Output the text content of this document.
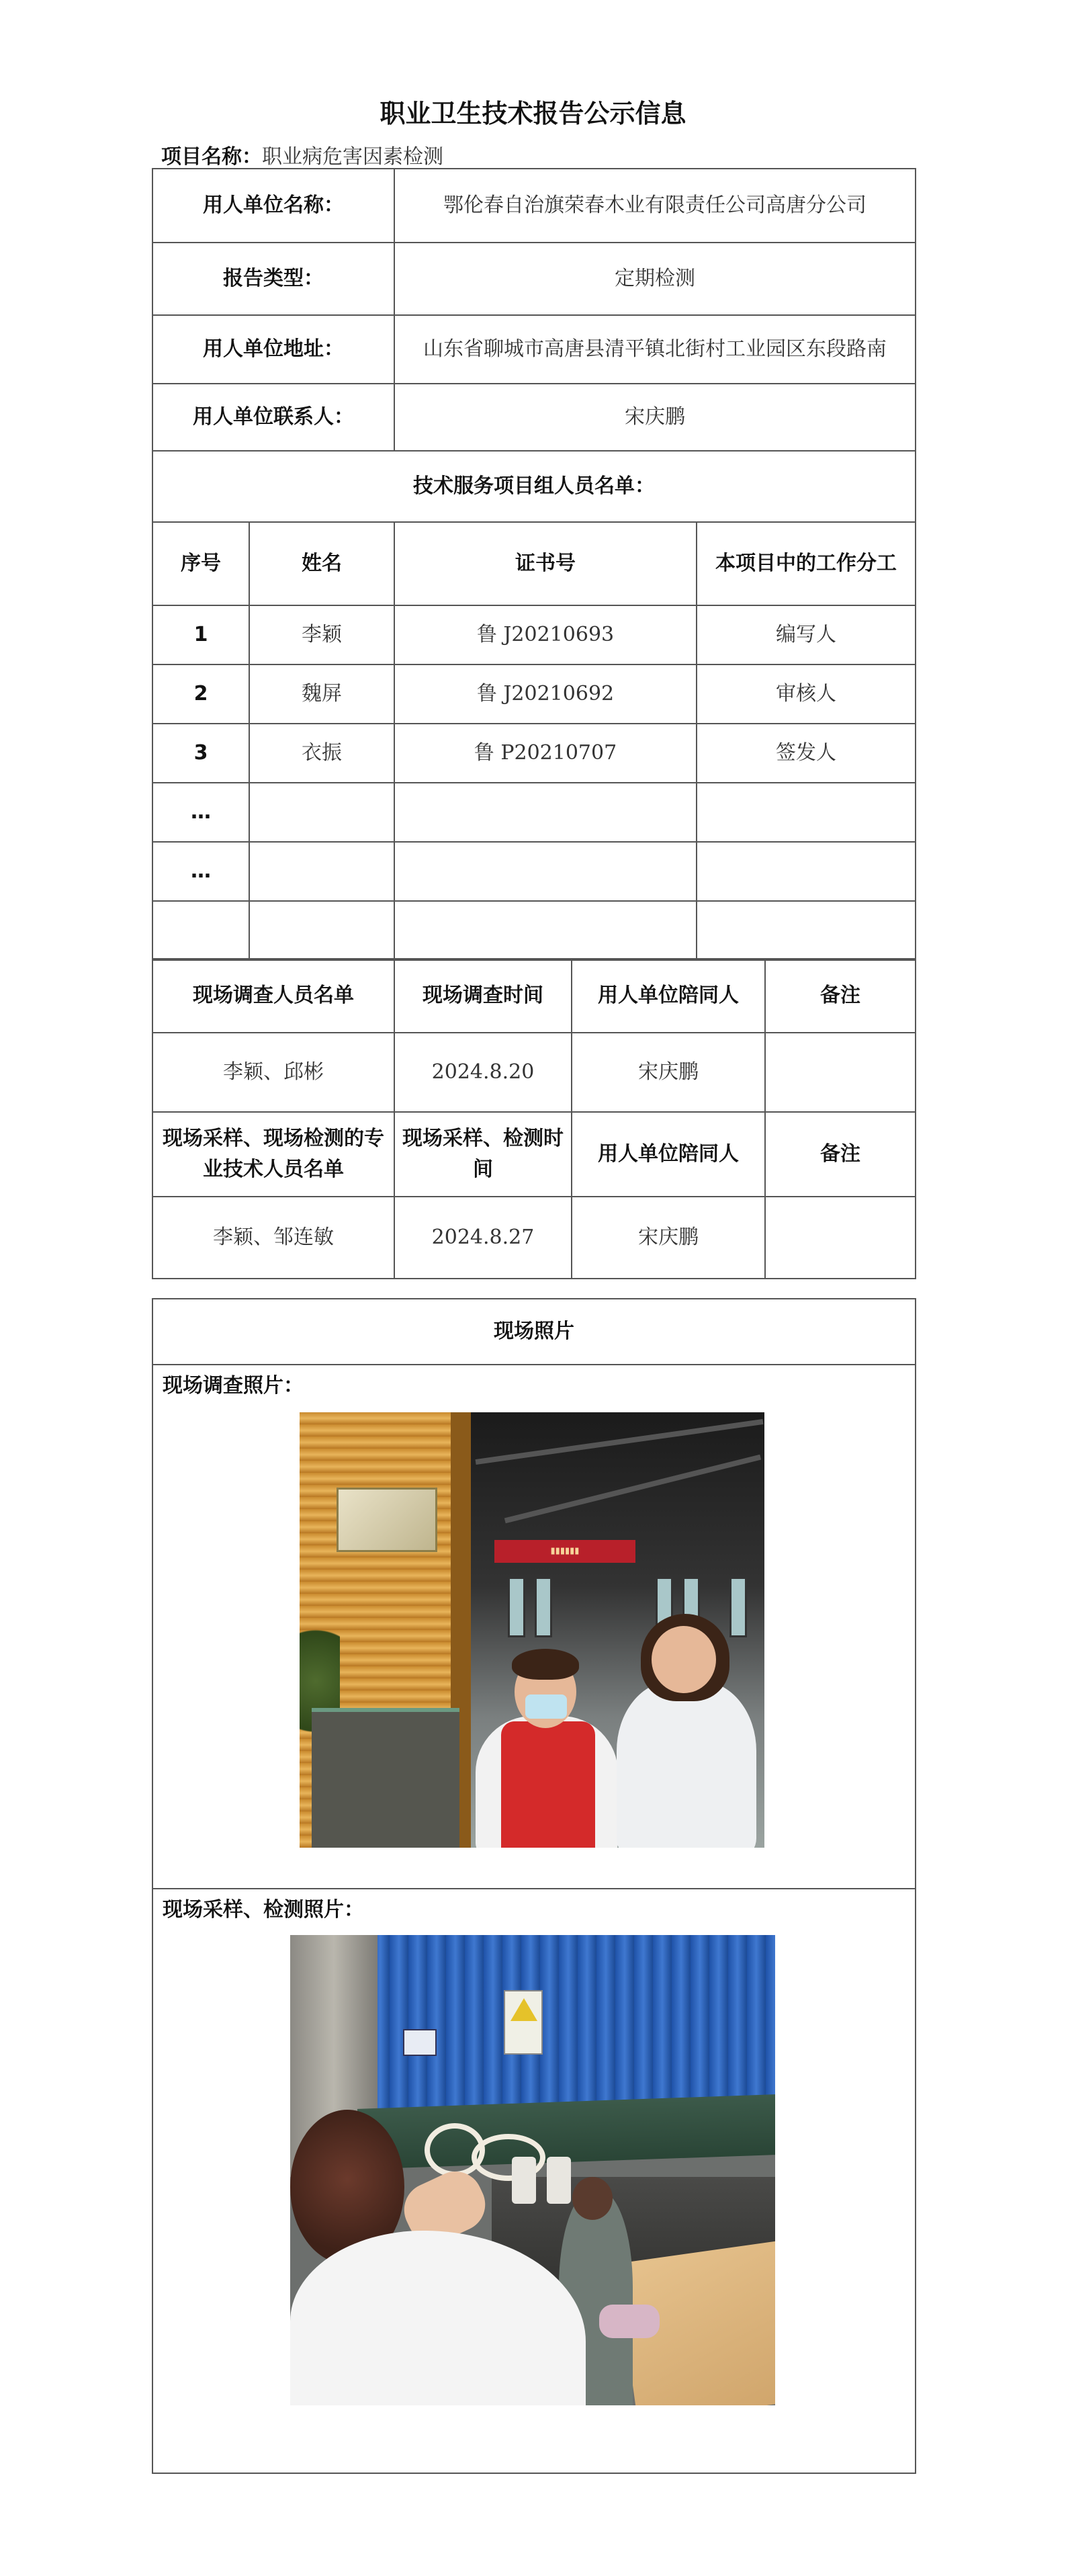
职业卫生技术报告公示信息
项目名称：职业病危害因素检测
用人单位名称：		鄂伦春自治旗荣春木业有限责任公司高唐分公司	
报告类型：		定期检测	
用人单位地址：		山东省聊城市高唐县清平镇北街村工业园区东段路南	
用人单位联系人：		宋庆鹏	
技术服务项目组人员名单：			
序号	姓名	证书号	本项目中的工作分工
1	李颖	鲁 J20210693	编写人
2	魏屏	鲁 J20210692	审核人
3	衣振	鲁 P20210707	签发人
…			
…			

现场调查人员名单	现场调查时间	用人单位陪同人	备注
李颖、邱彬	2024.8.20	宋庆鹏	
现场采样、现场检测的专业技术人员名单	现场采样、检测时间	用人单位陪同人	备注
李颖、邹连敏	2024.8.27	宋庆鹏	
现场照片

现场调查照片：
▮▮▮▮▮▮

现场采样、检测照片：
